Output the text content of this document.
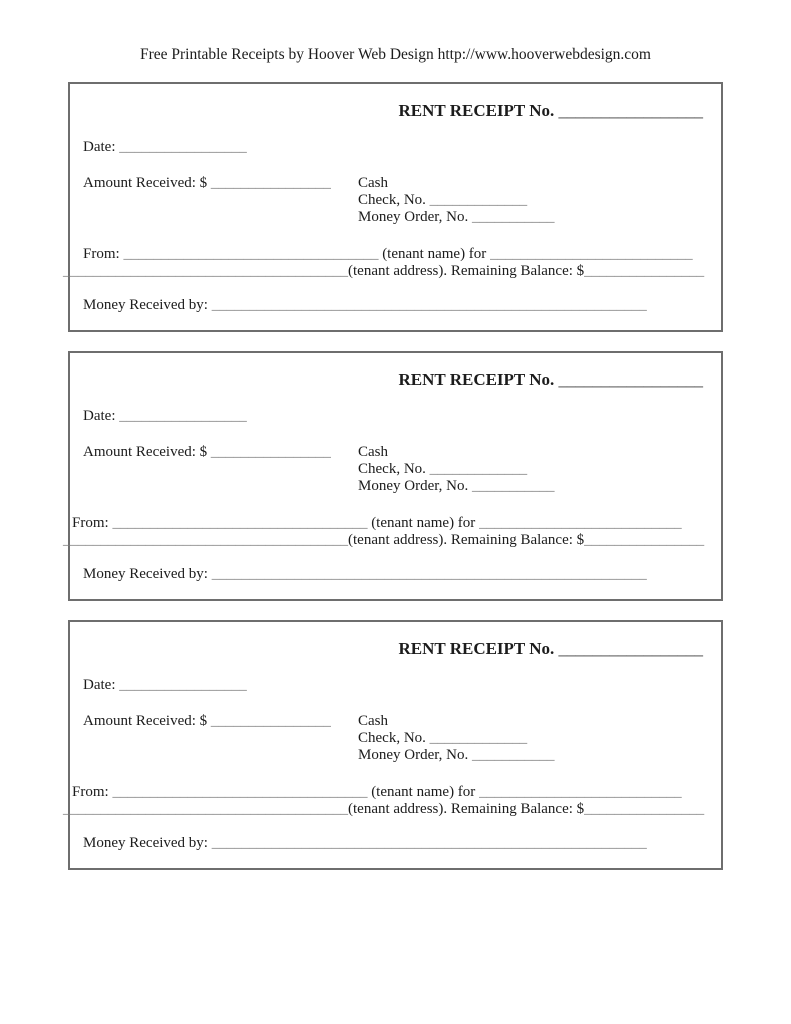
Free Printable Receipts by Hoover Web Design http://www.hooverwebdesign.com

RENT RECEIPT No. _________________
Date: _________________
Amount Received: $ ________________	Cash
Check, No. _____________
Money Order, No. ___________
From: __________________________________ (tenant name) for ___________________________
______________________________________(tenant address). Remaining Balance: $________________
Money Received by: __________________________________________________________
RENT RECEIPT No. _________________
Date: _________________
Amount Received: $ ________________	Cash
Check, No. _____________
Money Order, No. ___________
From: __________________________________ (tenant name) for ___________________________
______________________________________(tenant address). Remaining Balance: $________________
Money Received by: __________________________________________________________
RENT RECEIPT No. _________________
Date: _________________
Amount Received: $ ________________	Cash
Check, No. _____________
Money Order, No. ___________
From: __________________________________ (tenant name) for ___________________________
______________________________________(tenant address). Remaining Balance: $________________
Money Received by: __________________________________________________________
